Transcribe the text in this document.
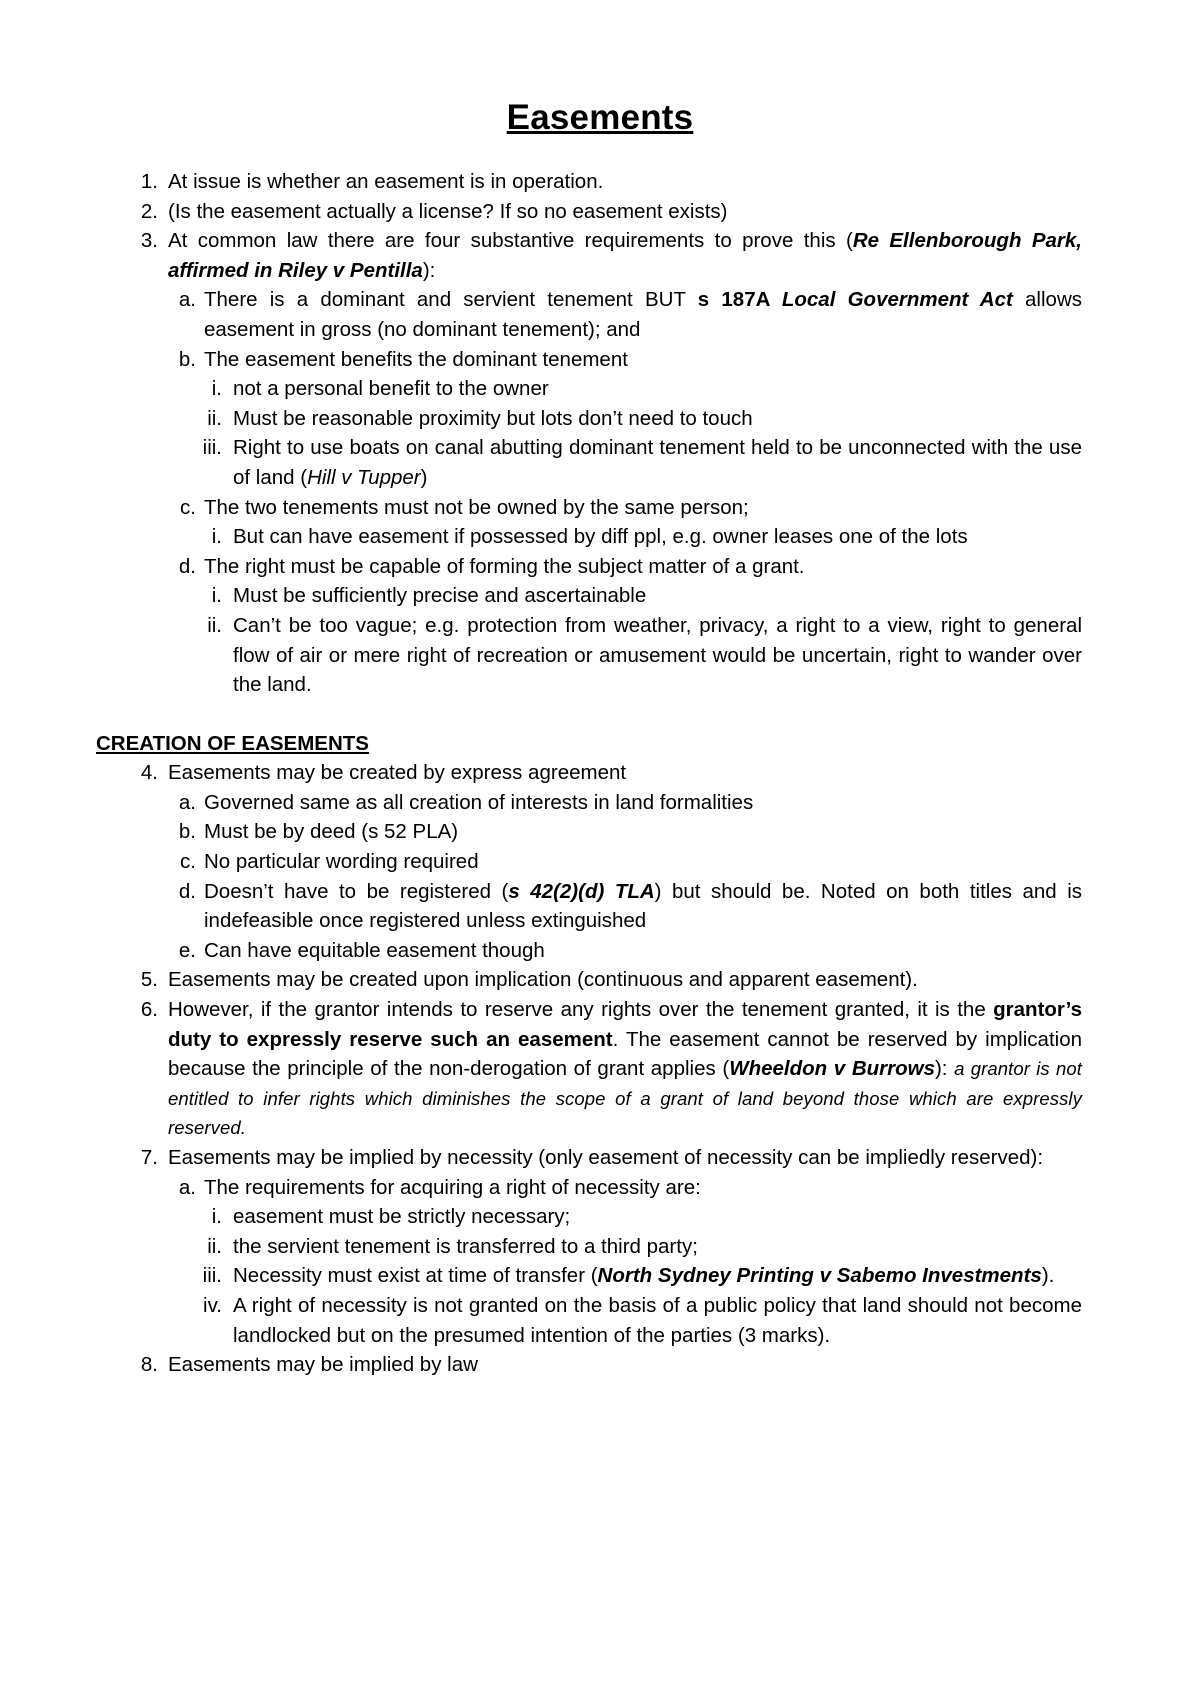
Easements
1. At issue is whether an easement is in operation.
2. (Is the easement actually a license? If so no easement exists)
3. At common law there are four substantive requirements to prove this (Re Ellenborough Park, affirmed in Riley v Pentilla):
a. There is a dominant and servient tenement BUT s 187A Local Government Act allows easement in gross (no dominant tenement); and
b. The easement benefits the dominant tenement
i. not a personal benefit to the owner
ii. Must be reasonable proximity but lots don’t need to touch
iii. Right to use boats on canal abutting dominant tenement held to be unconnected with the use of land (Hill v Tupper)
c. The two tenements must not be owned by the same person;
i. But can have easement if possessed by diff ppl, e.g. owner leases one of the lots
d. The right must be capable of forming the subject matter of a grant.
i. Must be sufficiently precise and ascertainable
ii. Can’t be too vague; e.g. protection from weather, privacy, a right to a view, right to general flow of air or mere right of recreation or amusement would be uncertain, right to wander over the land.
CREATION OF EASEMENTS
4. Easements may be created by express agreement
a. Governed same as all creation of interests in land formalities
b. Must be by deed (s 52 PLA)
c. No particular wording required
d. Doesn’t have to be registered (s 42(2)(d) TLA) but should be. Noted on both titles and is indefeasible once registered unless extinguished
e. Can have equitable easement though
5. Easements may be created upon implication (continuous and apparent easement).
6. However, if the grantor intends to reserve any rights over the tenement granted, it is the grantor’s duty to expressly reserve such an easement. The easement cannot be reserved by implication because the principle of the non-derogation of grant applies (Wheeldon v Burrows): a grantor is not entitled to infer rights which diminishes the scope of a grant of land beyond those which are expressly reserved.
7. Easements may be implied by necessity (only easement of necessity can be impliedly reserved):
a. The requirements for acquiring a right of necessity are:
i. easement must be strictly necessary;
ii. the servient tenement is transferred to a third party;
iii. Necessity must exist at time of transfer (North Sydney Printing v Sabemo Investments).
iv. A right of necessity is not granted on the basis of a public policy that land should not become landlocked but on the presumed intention of the parties (3 marks).
8. Easements may be implied by law
